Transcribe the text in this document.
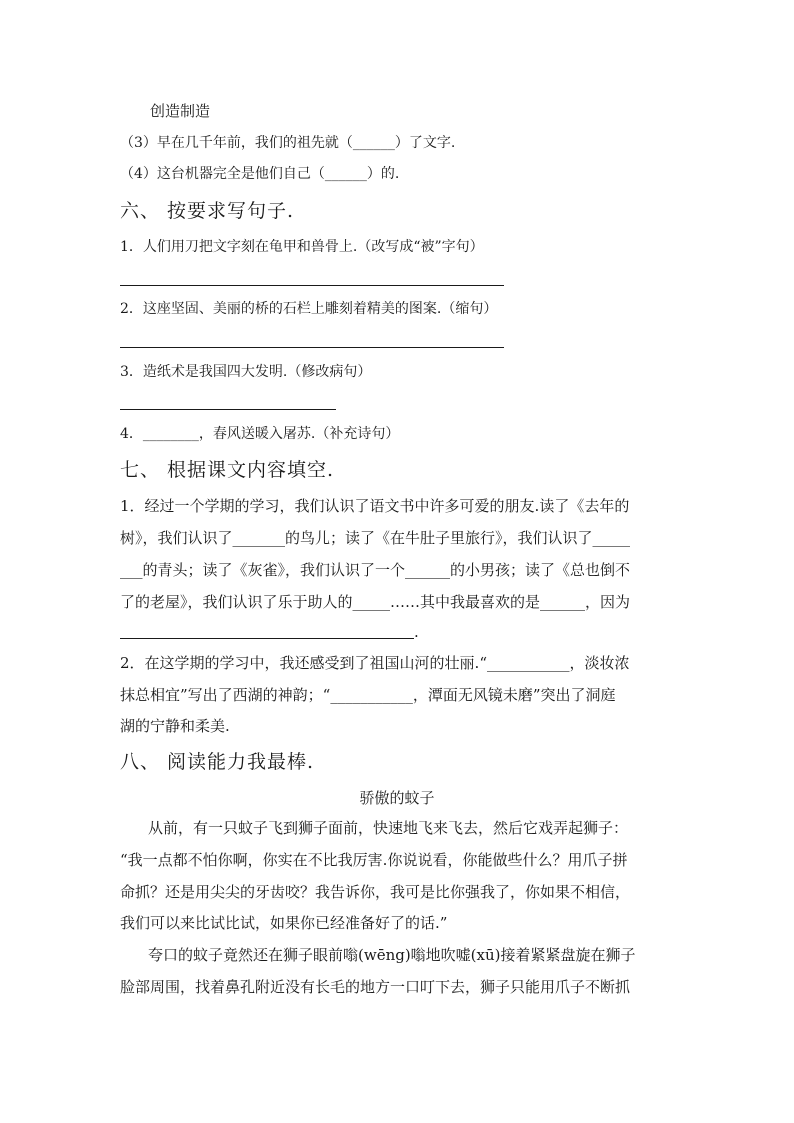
创造制造
（3）早在几千年前，我们的祖先就（______）了文字.
（4）这台机器完全是他们自己（______）的.
六、 按要求写句子.
1．人们用刀把文字刻在龟甲和兽骨上.（改写成“被”字句）
2．这座坚固、美丽的桥的石栏上雕刻着精美的图案.（缩句）
3．造纸术是我国四大发明.（修改病句）
4．________，春风送暖入屠苏.（补充诗句）
七、 根据课文内容填空.
1．经过一个学期的学习，我们认识了语文书中许多可爱的朋友.读了《去年的
树》，我们认识了_______的鸟儿；读了《在牛肚子里旅行》，我们认识了_____
___的青头；读了《灰雀》，我们认识了一个______的小男孩；读了《总也倒不
了的老屋》，我们认识了乐于助人的_____……其中我最喜欢的是______，因为
.
2．在这学期的学习中，我还感受到了祖国山河的壮丽.“___________，淡妆浓
抹总相宜”写出了西湖的神韵；“___________，潭面无风镜未磨”突出了洞庭
湖的宁静和柔美.
八、 阅读能力我最棒.
骄傲的蚊子
从前，有一只蚊子飞到狮子面前，快速地飞来飞去，然后它戏弄起狮子：
“我一点都不怕你啊，你实在不比我厉害.你说说看，你能做些什么？用爪子拼
命抓？还是用尖尖的牙齿咬？我告诉你，我可是比你强我了，你如果不相信，
我们可以来比试比试，如果你已经准备好了的话.”
夸口的蚊子竟然还在狮子眼前嗡(wēng)嗡地吹嘘(xū)接着紧紧盘旋在狮子
脸部周围，找着鼻孔附近没有长毛的地方一口叮下去，狮子只能用爪子不断抓
